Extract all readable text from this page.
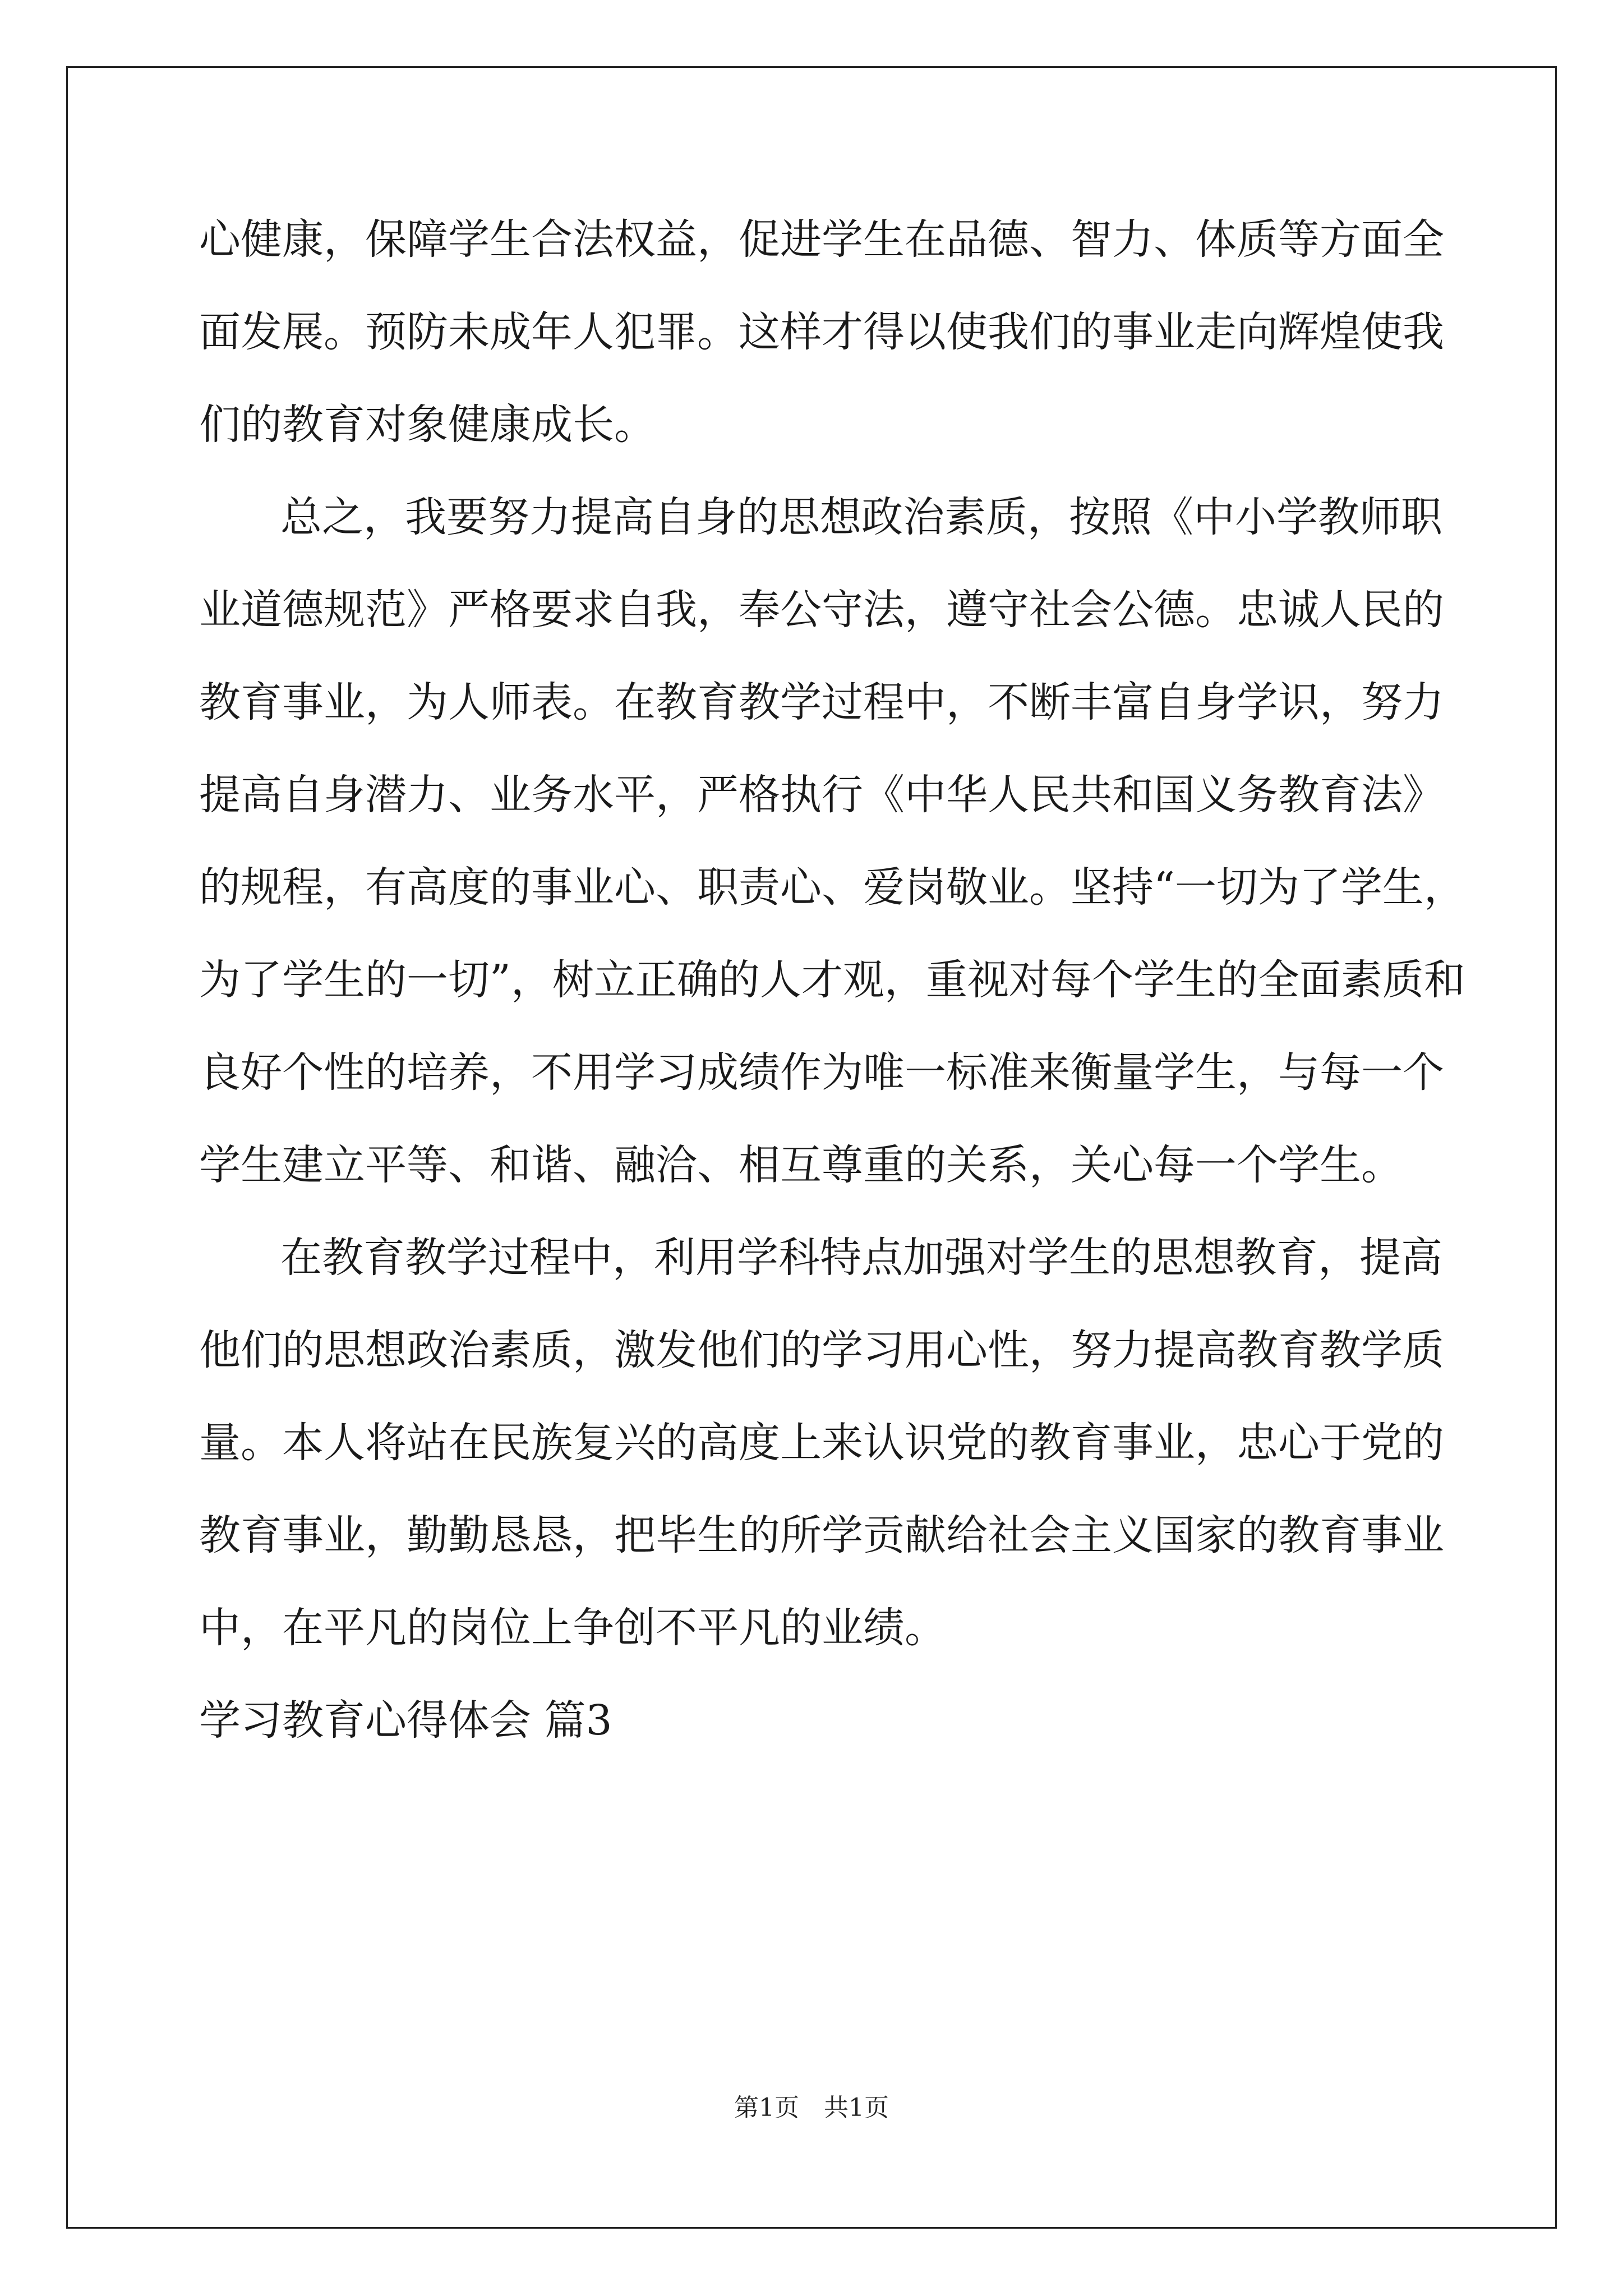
心健康，保障学生合法权益，促进学生在品德、智力、体质等方面全
面发展。预防未成年人犯罪。这样才得以使我们的事业走向辉煌使我
们的教育对象健康成长。
总之，我要努力提高自身的思想政治素质，按照《中小学教师职
业道德规范》严格要求自我，奉公守法，遵守社会公德。忠诚人民的
教育事业，为人师表。在教育教学过程中，不断丰富自身学识，努力
提高自身潜力、业务水平，严格执行《中华人民共和国义务教育法》
的规程，有高度的事业心、职责心、爱岗敬业。坚持“一切为了学生，
为了学生的一切”，树立正确的人才观，重视对每个学生的全面素质和
良好个性的培养，不用学习成绩作为唯一标准来衡量学生，与每一个
学生建立平等、和谐、融洽、相互尊重的关系，关心每一个学生。
在教育教学过程中，利用学科特点加强对学生的思想教育，提高
他们的思想政治素质，激发他们的学习用心性，努力提高教育教学质
量。本人将站在民族复兴的高度上来认识党的教育事业，忠心于党的
教育事业，勤勤恳恳，把毕生的所学贡献给社会主义国家的教育事业
中，在平凡的岗位上争创不平凡的业绩。
学习教育心得体会 篇3
第1页　共1页
